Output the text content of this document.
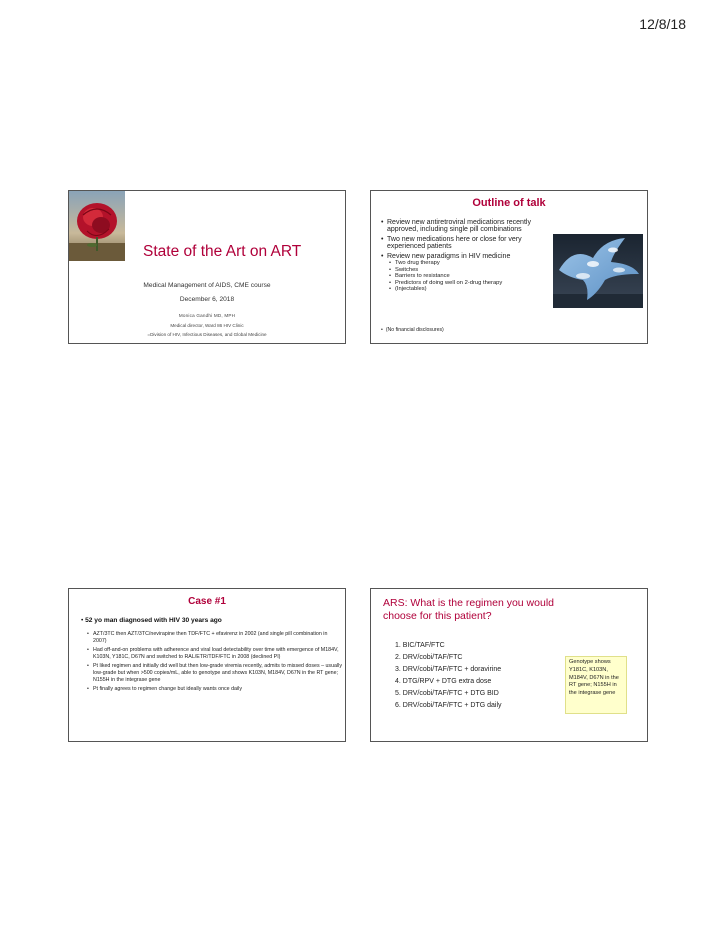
12/8/18
State of the Art on ART
Medical Management of AIDS, CME course
December 6, 2018
Monica Gandhi MD, MPH
Medical director, Ward 86 HIV Clinic
=Division of HIV, Infectious Diseases, and Global Medicine
Outline of talk
• Review new antiretroviral medications recently approved, including single pill combinations
• Two new medications here or close for very experienced patients
• Review new paradigms in HIV medicine
• Two drug therapy
• Switches
• Barriers to resistance
• Predictors of doing well on 2-drug therapy
• (Injectables)
• (No financial disclosures)
Case #1
• 52 yo man diagnosed with HIV 30 years ago
• AZT/3TC then AZT/3TC/nevirapine then TDF/FTC + efavirenz in 2002 (and single pill combination in 2007)
• Had off-and-on problems with adherence and viral load detectability over time with emergence of M184V, K103N, Y181C, D67N and switched to RAL/ETR/TDF/FTC in 2008 (declined PI)
• Pt liked regimen and initially did well but then low-grade viremia recently, admits to missed doses – usually low-grade but when >500 copies/mL, able to genotype and shows K103N, M184V, D67N in the RT gene; N155H in the integrase gene
• Pt finally agrees to regimen change but ideally wants once daily
ARS: What is the regimen you would choose for this patient?
1. BIC/TAF/FTC
2. DRV/cobi/TAF/FTC
3. DRV/cobi/TAF/FTC + doravirine
4. DTG/RPV + DTG extra dose
5. DRV/cobi/TAF/FTC + DTG BID
6. DRV/cobi/TAF/FTC + DTG daily
Genotype shows Y181C, K103N, M184V, D67N in the RT gene; N155H in the integrase gene
